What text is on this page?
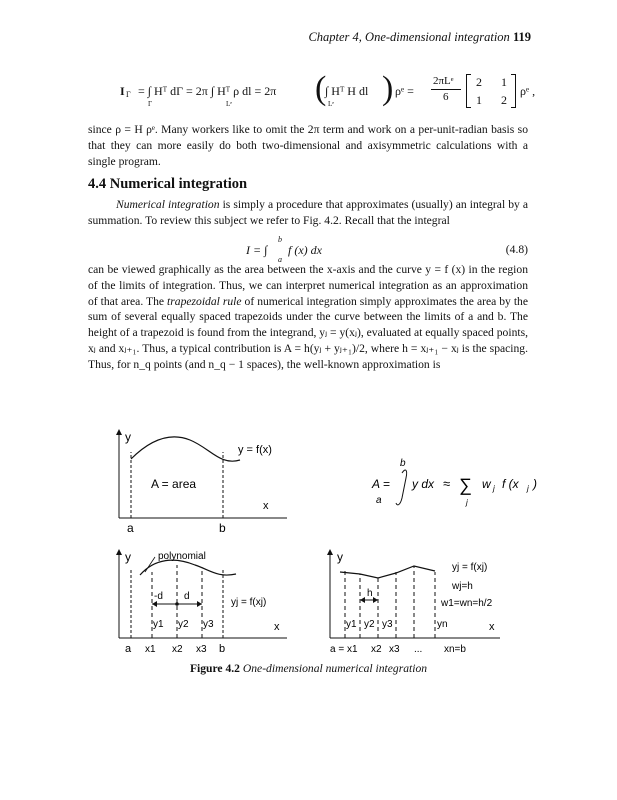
Chapter 4, One-dimensional integration 119
I Γ = ∫ Hᵀ dΓ = 2π ∫ Hᵀ ρ dl = 2π (
∫ Hᵀ H dl ) ρᵉ =
2πLᵉ
6
2 1
1 2
ρᵉ ,
Γ	Lᵉ	Lᵉ
since ρ = H ρᵉ. Many workers like to omit the 2π term and work on a per-unit-radian basis so that they can more easily do both two-dimensional and axisymmetric calculations with a single program.
4.4 Numerical integration
Numerical integration is simply a procedure that approximates (usually) an integral by a summation. To review this subject we refer to Fig. 4.2. Recall that the integral
I = ∫
b
a
f (x) dx	(4.8)
can be viewed graphically as the area between the x-axis and the curve y = f (x) in the region of the limits of integration. Thus, we can interpret numerical integration as an approximation of that area. The trapezoidal rule of numerical integration simply approximates the area by the sum of several equally spaced trapezoids under the curve between the limits of a and b. The height of a trapezoid is found from the integrand, yⱼ = y(xⱼ), evaluated at equally spaced points, xⱼ and xⱼ₊₁. Thus, a typical contribution is A = h(yⱼ + yⱼ₊₁)/2, where h = xⱼ₊₁ − xⱼ is the spacing. Thus, for n_q points (and n_q − 1 spaces), the well-known approximation is
y
y = f(x)
A = area
x
a	b
A =
b
a
y dx ≈ ∑
j
w j f (x j )
y	polynomial
-d d
yj = f(xj)
x
y1 y2 y3
a x1 x2 x3 b
y
h
yj = f(xj)
wj=h
w1=wn=h/2
x
y1 y2 y3	yn
a = x1 x2 x3 ... xn=b
Figure 4.2 One-dimensional numerical integration
